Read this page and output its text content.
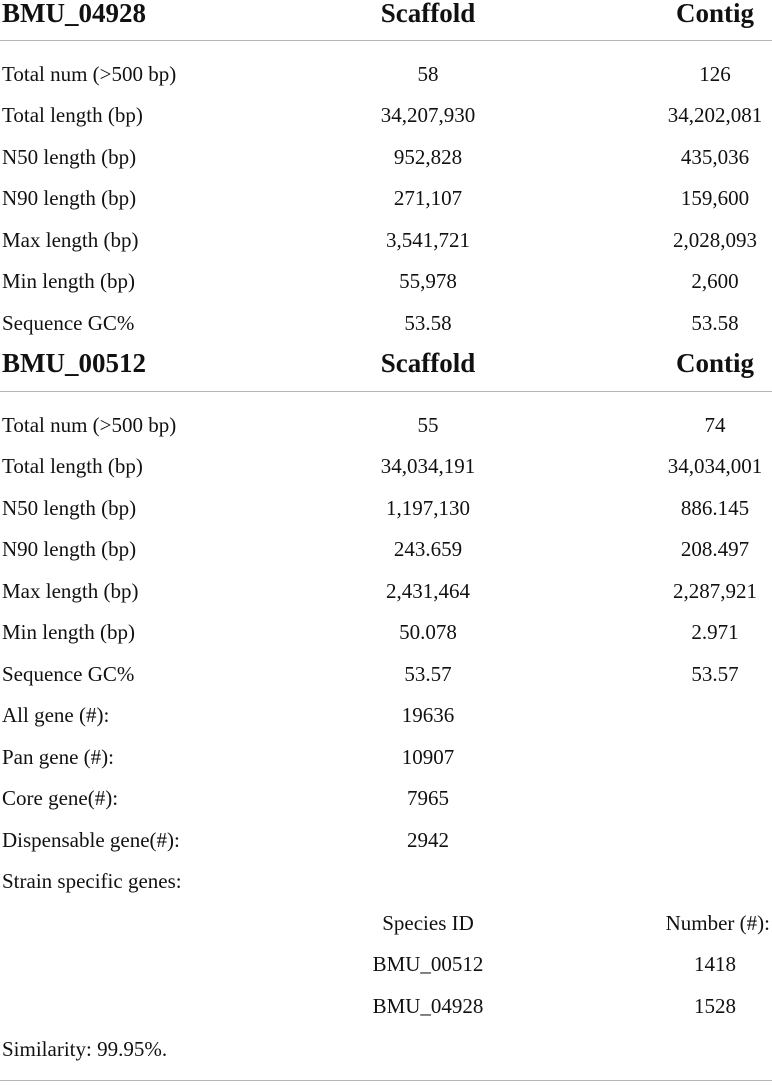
BMU_04928	Scaffold	Contig
Total num (>500 bp)	58	126
Total length (bp)	34,207,930	34,202,081
N50 length (bp)	952,828	435,036
N90 length (bp)	271,107	159,600
Max length (bp)	3,541,721	2,028,093
Min length (bp)	55,978	2,600
Sequence GC%	53.58	53.58
BMU_00512	Scaffold	Contig
Total num (>500 bp)	55	74
Total length (bp)	34,034,191	34,034,001
N50 length (bp)	1,197,130	886.145
N90 length (bp)	243.659	208.497
Max length (bp)	2,431,464	2,287,921
Min length (bp)	50.078	2.971
Sequence GC%	53.57	53.57
All gene (#):	19636
Pan gene (#):	10907
Core gene(#):	7965
Dispensable gene(#):	2942
Strain specific genes:
Species ID	Number (#):
BMU_00512	1418
BMU_04928	1528
Similarity: 99.95%.
